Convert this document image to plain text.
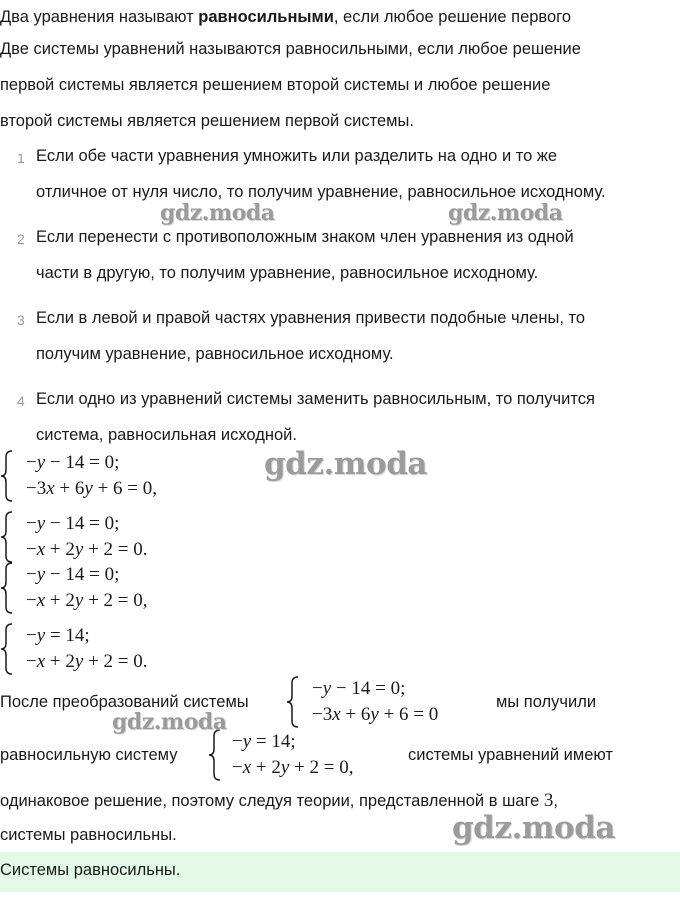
Два уравнения называют равносильными, если любое решение первого
Две системы уравнений называются равносильными, если любое решение
первой системы является решением второй системы и любое решение
второй системы является решением первой системы.
1 Если обе части уравнения умножить или разделить на одно и то же
отличное от нуля число, то получим уравнение, равносильное исходному.
2 Если перенести с противоположным знаком член уравнения из одной
части в другую, то получим уравнение, равносильное исходному.
3 Если в левой и правой частях уравнения привести подобные члены, то
получим уравнение, равносильное исходному.
4 Если одно из уравнений системы заменить равносильным, то получится
система, равносильная исходной.
−y − 14 = 0;
−3x + 6y + 6 = 0,
−y − 14 = 0;
−x + 2y + 2 = 0.
−y − 14 = 0;
−x + 2y + 2 = 0,
−y = 14;
−x + 2y + 2 = 0.
После преобразований системы
−y − 14 = 0;
−3x + 6y + 6 = 0
мы получили
равносильную систему
−y = 14;
−x + 2y + 2 = 0,
системы уравнений имеют
одинаковое решение, поэтому следуя теории, представленной в шаге 3,
системы равносильны.
Системы равносильны.
gdz.moda	gdz.moda
gdz.moda
gdz.moda
gdz.moda
